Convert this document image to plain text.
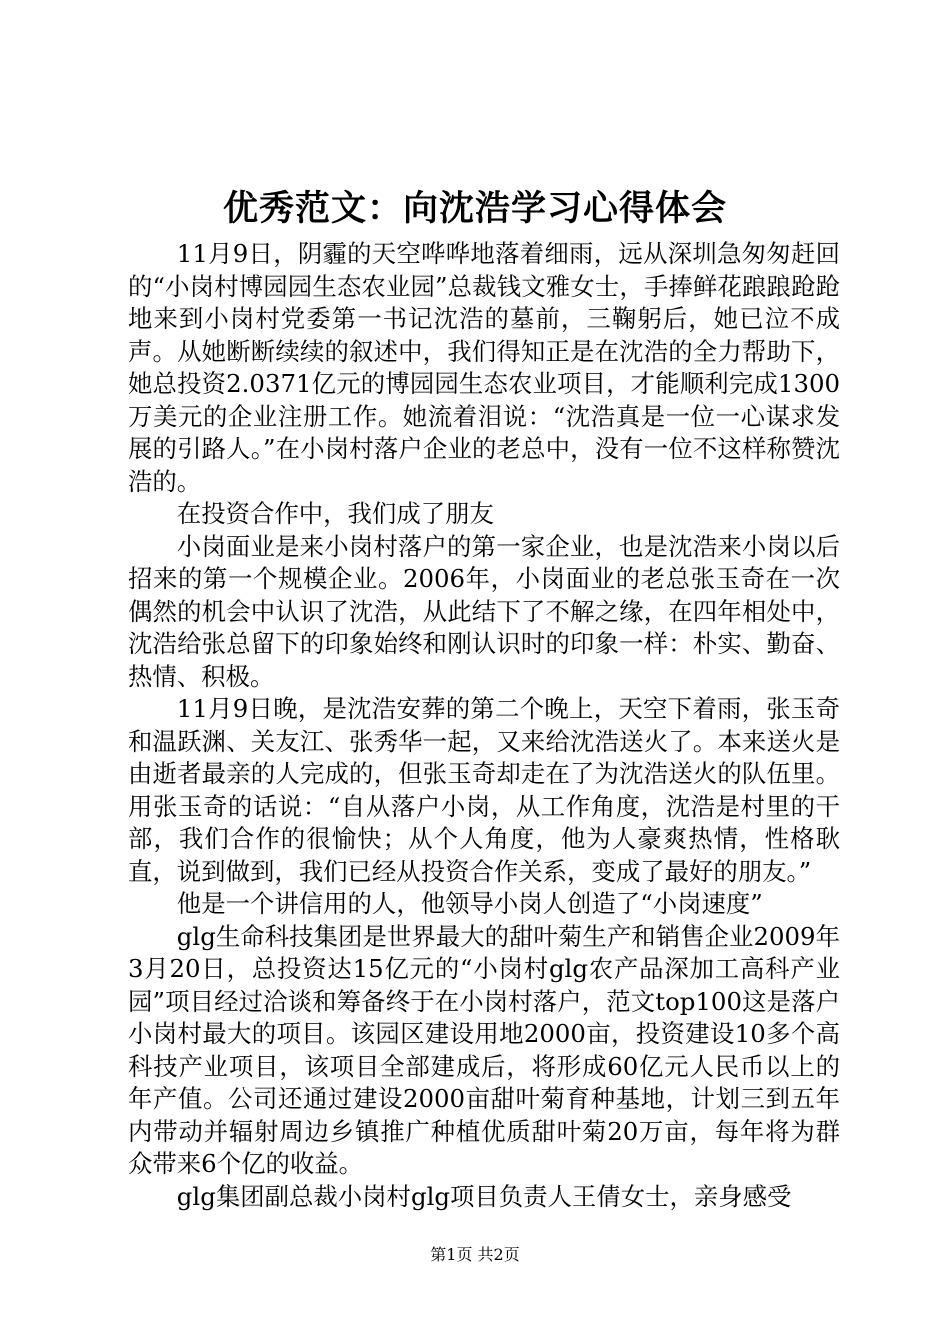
优秀范文：向沈浩学习心得体会

11月9日，阴霾的天空哗哗地落着细雨，远从深圳急匆匆赶回的“小岗村博园园生态农业园”总裁钱文雅女士，手捧鲜花踉踉跄跄地来到小岗村党委第一书记沈浩的墓前，三鞠躬后，她已泣不成声。从她断断续续的叙述中，我们得知正是在沈浩的全力帮助下，她总投资2.0371亿元的博园园生态农业项目，才能顺利完成1300万美元的企业注册工作。她流着泪说：“沈浩真是一位一心谋求发展的引路人。”在小岗村落户企业的老总中，没有一位不这样称赞沈浩的。

在投资合作中，我们成了朋友

小岗面业是来小岗村落户的第一家企业，也是沈浩来小岗以后招来的第一个规模企业。2006年，小岗面业的老总张玉奇在一次偶然的机会中认识了沈浩，从此结下了不解之缘，在四年相处中，沈浩给张总留下的印象始终和刚认识时的印象一样：朴实、勤奋、热情、积极。

11月9日晚，是沈浩安葬的第二个晚上，天空下着雨，张玉奇和温跃渊、关友江、张秀华一起，又来给沈浩送火了。本来送火是由逝者最亲的人完成的，但张玉奇却走在了为沈浩送火的队伍里。用张玉奇的话说：“自从落户小岗，从工作角度，沈浩是村里的干部，我们合作的很愉快；从个人角度，他为人豪爽热情，性格耿直，说到做到，我们已经从投资合作关系，变成了最好的朋友。”

他是一个讲信用的人，他领导小岗人创造了“小岗速度”

glg生命科技集团是世界最大的甜叶菊生产和销售企业2009年3月20日，总投资达15亿元的“小岗村glg农产品深加工高科产业园”项目经过洽谈和筹备终于在小岗村落户，范文top100这是落户小岗村最大的项目。该园区建设用地2000亩，投资建设10多个高科技产业项目，该项目全部建成后，将形成60亿元人民币以上的年产值。公司还通过建设2000亩甜叶菊育种基地，计划三到五年内带动并辐射周边乡镇推广种植优质甜叶菊20万亩，每年将为群众带来6个亿的收益。

glg集团副总裁小岗村glg项目负责人王倩女士，亲身感受

第1页 共2页
